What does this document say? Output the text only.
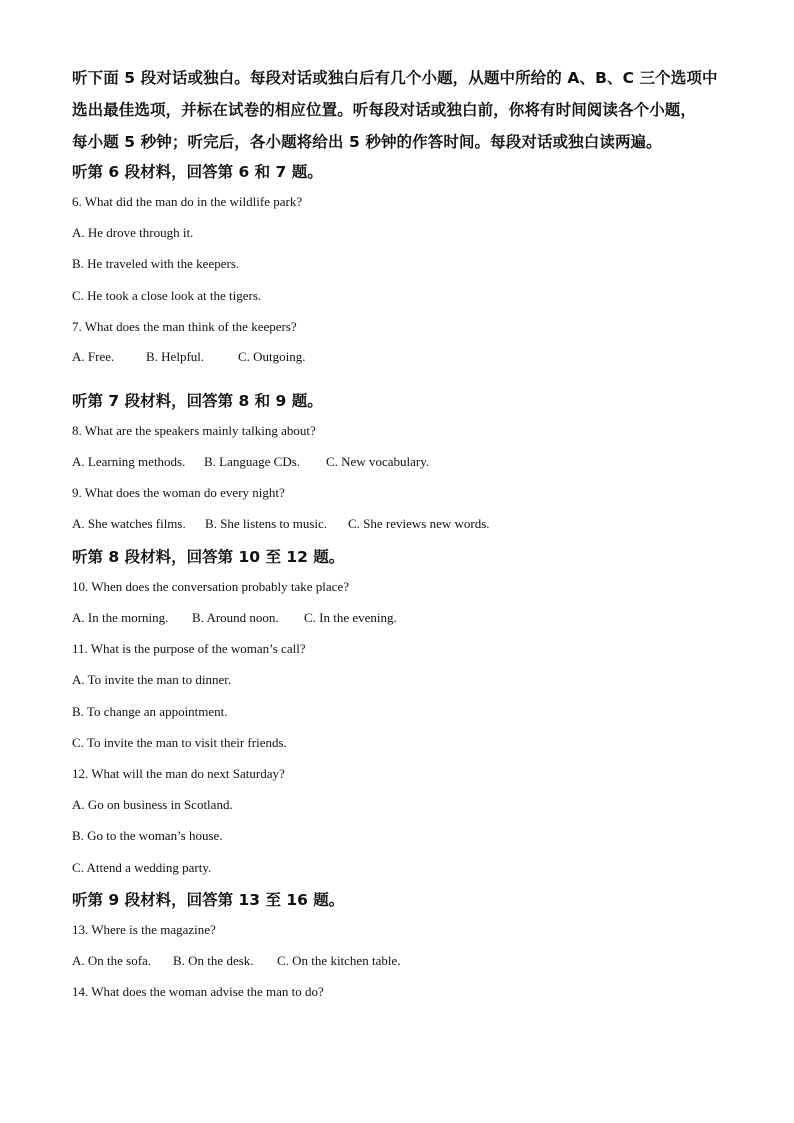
听下面 5 段对话或独白。每段对话或独白后有几个小题，从题中所给的 A、B、C 三个选项中
选出最佳选项，并标在试卷的相应位置。听每段对话或独白前，你将有时间阅读各个小题，
每小题 5 秒钟；听完后，各小题将给出 5 秒钟的作答时间。每段对话或独白读两遍。
听第 6 段材料，回答第 6 和 7 题。
6. What did the man do in the wildlife park?
A. He drove through it.
B. He traveled with the keepers.
C. He took a close look at the tigers.
7. What does the man think of the keepers?
A. Free. B. Helpful.	C. Outgoing.
听第 7 段材料，回答第 8 和 9 题。
8. What are the speakers mainly talking about?
A. Learning methods. B. Language CDs. C. New vocabulary.
9. What does the woman do every night?
A. She watches films. B. She listens to music. C. She reviews new words.
听第 8 段材料，回答第 10 至 12 题。
10. When does the conversation probably take place?
A. In the morning. B. Around noon. C. In the evening.
11. What is the purpose of the woman’s call?
A. To invite the man to dinner.
B. To change an appointment.
C. To invite the man to visit their friends.
12. What will the man do next Saturday?
A. Go on business in Scotland.
B. Go to the woman’s house.
C. Attend a wedding party.
听第 9 段材料，回答第 13 至 16 题。
13. Where is the magazine?
A. On the sofa. B. On the desk. C. On the kitchen table.
14. What does the woman advise the man to do?
